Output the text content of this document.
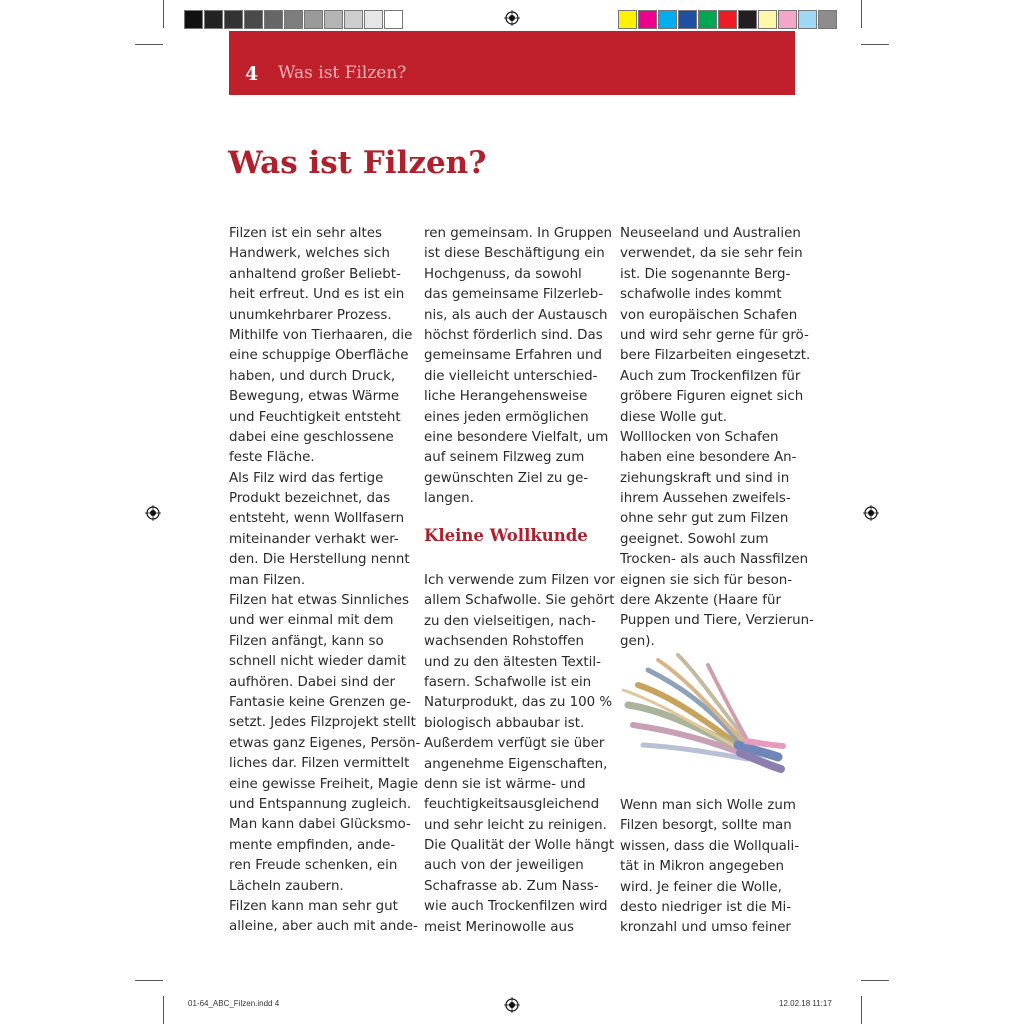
4 Was ist Filzen?
Was ist Filzen?
Filzen ist ein sehr altes
Handwerk, welches sich
anhaltend großer Beliebt-
heit erfreut. Und es ist ein
unumkehrbarer Prozess.
Mithilfe von Tierhaaren, die
eine schuppige Oberfläche
haben, und durch Druck,
Bewegung, etwas Wärme
und Feuchtigkeit entsteht
dabei eine geschlossene
feste Fläche.
Als Filz wird das fertige
Produkt bezeichnet, das
entsteht, wenn Wollfasern
miteinander verhakt wer-
den. Die Herstellung nennt
man Filzen.
Filzen hat etwas Sinnliches
und wer einmal mit dem
Filzen anfängt, kann so
schnell nicht wieder damit
aufhören. Dabei sind der
Fantasie keine Grenzen ge-
setzt. Jedes Filzprojekt stellt
etwas ganz Eigenes, Persön-
liches dar. Filzen vermittelt
eine gewisse Freiheit, Magie
und Entspannung zugleich.
Man kann dabei Glücksmo-
mente empfinden, ande-
ren Freude schenken, ein
Lächeln zaubern.
Filzen kann man sehr gut
alleine, aber auch mit ande-
ren gemeinsam. In Gruppen
ist diese Beschäftigung ein
Hochgenuss, da sowohl
das gemeinsame Filzerleb-
nis, als auch der Austausch
höchst förderlich sind. Das
gemeinsame Erfahren und
die vielleicht unterschied-
liche Herangehensweise
eines jeden ermöglichen
eine besondere Vielfalt, um
auf seinem Filzweg zum
gewünschten Ziel zu ge-
langen.
Kleine Wollkunde
Ich verwende zum Filzen vor
allem Schafwolle. Sie gehört
zu den vielseitigen, nach-
wachsenden Rohstoffen
und zu den ältesten Textil-
fasern. Schafwolle ist ein
Naturprodukt, das zu 100 %
biologisch abbaubar ist.
Außerdem verfügt sie über
angenehme Eigenschaften,
denn sie ist wärme- und
feuchtigkeitsausgleichend
und sehr leicht zu reinigen.
Die Qualität der Wolle hängt
auch von der jeweiligen
Schafrasse ab. Zum Nass-
wie auch Trockenfilzen wird
meist Merinowolle aus
Neuseeland und Australien
verwendet, da sie sehr fein
ist. Die sogenannte Berg-
schafwolle indes kommt
von europäischen Schafen
und wird sehr gerne für grö-
bere Filzarbeiten eingesetzt.
Auch zum Trockenfilzen für
gröbere Figuren eignet sich
diese Wolle gut.
Wolllocken von Schafen
haben eine besondere An-
ziehungskraft und sind in
ihrem Aussehen zweifels-
ohne sehr gut zum Filzen
geeignet. Sowohl zum
Trocken- als auch Nassfilzen
eignen sie sich für beson-
dere Akzente (Haare für
Puppen und Tiere, Verzierun-
gen).
Wenn man sich Wolle zum
Filzen besorgt, sollte man
wissen, dass die Wollquali-
tät in Mikron angegeben
wird. Je feiner die Wolle,
desto niedriger ist die Mi-
kronzahl und umso feiner
01-64_ABC_Filzen.indd 4	12.02.18 11:17
